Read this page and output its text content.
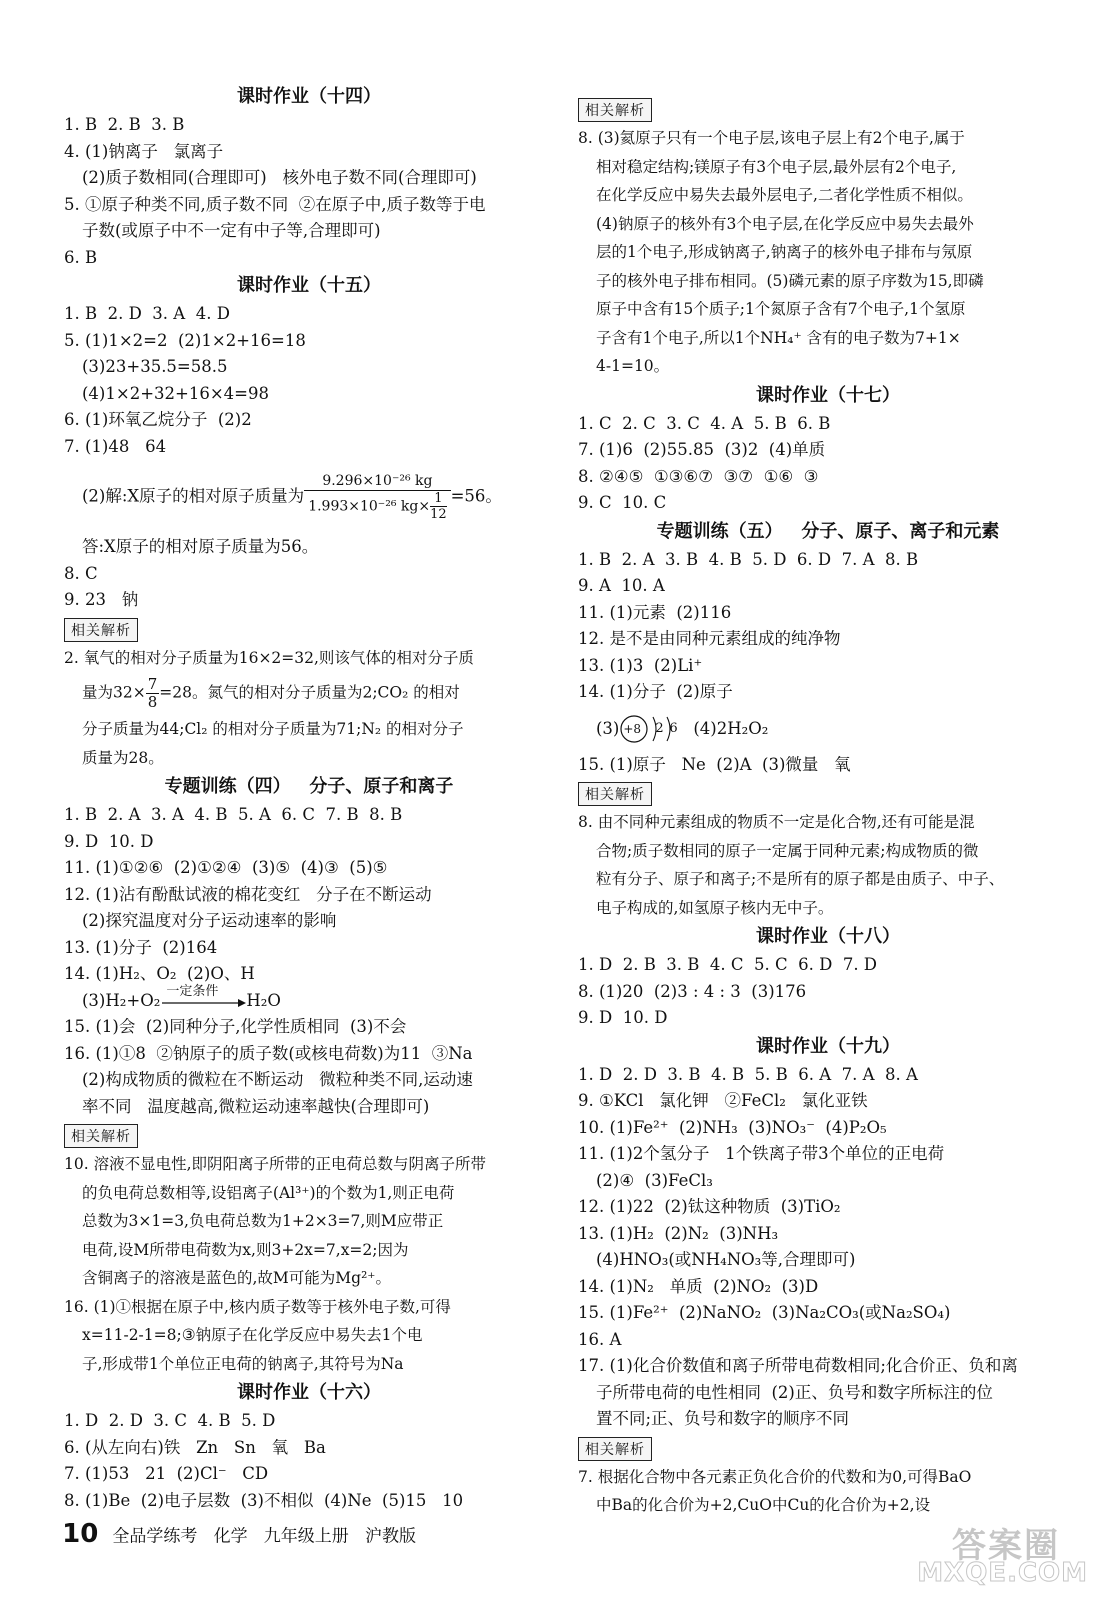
课时作业（十四）

1. B  2. B  3. B

4. (1)钠离子   氯离子

(2)质子数相同(合理即可)   核外电子数不同(合理即可)

5. ①原子种类不同,质子数不同  ②在原子中,质子数等于电

子数(或原子中不一定有中子等,合理即可)

6. B

课时作业（十五）

1. B  2. D  3. A  4. D

5. (1)1×2=2  (2)1×2+16=18

(3)23+35.5=58.5

(4)1×2+32+16×4=98

6. (1)环氧乙烷分子  (2)2

7. (1)48   64

(2)解:X原子的相对原子质量为 $\frac{\text{9.296×10⁻²⁶ kg}}{1.993\times 10^{-26} kg\times \frac{1}{12}} =56$。

答:X原子的相对原子质量为56。

8. C

9. 23   钠

相关解析

2. 氧气的相对分子质量为16×2=32,则该气体的相对分子质

量为$32\times \frac{7}{8} =28$。氮气的相对分子质量为2;CO₂ 的相对

分子质量为44;Cl₂ 的相对分子质量为71;N₂ 的相对分子

质量为28。

专题训练（四）   分子、原子和离子

1. B  2. A  3. A  4. B  5. A  6. C  7. B  8. B

9. D  10. D

11. (1)①②⑥  (2)①②④  (3)⑤  (4)③  (5)⑤

12. (1)沾有酚酞试液的棉花变红   分子在不断运动

(2)探究温度对分子运动速率的影响

13. (1)分子  (2)164

14. (1)H₂、O₂  (2)O、H

(3)H₂+O₂ 一定条件 H₂O

15. (1)会  (2)同种分子,化学性质相同  (3)不会

16. (1)①8  ②钠原子的质子数(或核电荷数)为11  ③Na

(2)构成物质的微粒在不断运动   微粒种类不同,运动速

率不同   温度越高,微粒运动速率越快(合理即可)

相关解析

10. 溶液不显电性,即阴阳离子所带的正电荷总数与阴离子所带

的负电荷总数相等,设铝离子(Al³⁺)的个数为1,则正电荷

总数为3×1=3,负电荷总数为1+2×3=7,则M应带正

电荷,设M所带电荷数为x,则3+2x=7,x=2;因为

含铜离子的溶液是蓝色的,故M可能为Mg²⁺。

16. (1)①根据在原子中,核内质子数等于核外电子数,可得

x=11-2-1=8;③钠原子在化学反应中易失去1个电

子,形成带1个单位正电荷的钠离子,其符号为Na

课时作业（十六）

1. D  2. D  3. C  4. B  5. D

6. (从左向右)铁   Zn   Sn   氧   Ba

7. (1)53   21  (2)Cl⁻   CD

8. (1)Be  (2)电子层数  (3)不相似  (4)Ne  (5)15   10

相关解析

8. (3)氦原子只有一个电子层,该电子层上有2个电子,属于

相对稳定结构;镁原子有3个电子层,最外层有2个电子,

在化学反应中易失去最外层电子,二者化学性质不相似。

(4)钠原子的核外有3个电子层,在化学反应中易失去最外

层的1个电子,形成钠离子,钠离子的核外电子排布与氖原

子的核外电子排布相同。(5)磷元素的原子序数为15,即磷

原子中含有15个质子;1个氮原子含有7个电子,1个氢原

子含有1个电子,所以1个NH₄⁺ 含有的电子数为7+1×

4-1=10。

课时作业（十七）

1. C  2. C  3. C  4. A  5. B  6. B

7. (1)6  (2)55.85  (3)2  (4)单质

8. ②④⑤  ①③⑥⑦  ③⑦  ①⑥  ③

9. C  10. C

专题训练（五）   分子、原子、离子和元素

1. B  2. A  3. B  4. B  5. D  6. D  7. A  8. B

9. A  10. A

11. (1)元素  (2)116

12. 是不是由同种元素组成的纯净物

13. (1)3  (2)Li⁺

14. (1)分子  (2)原子

(3) +8 2 6 (4)2H₂O₂

15. (1)原子   Ne  (2)A  (3)微量   氧

相关解析

8. 由不同种元素组成的物质不一定是化合物,还有可能是混

合物;质子数相同的原子一定属于同种元素;构成物质的微

粒有分子、原子和离子;不是所有的原子都是由质子、中子、

电子构成的,如氢原子核内无中子。

课时作业（十八）

1. D  2. B  3. B  4. C  5. C  6. D  7. D

8. (1)20  (2)3 : 4 : 3  (3)176

9. D  10. D

课时作业（十九）

1. D  2. D  3. B  4. B  5. B  6. A  7. A  8. A

9. ①KCl   氯化钾   ②FeCl₂   氯化亚铁

10. (1)Fe²⁺  (2)NH₃  (3)NO₃⁻  (4)P₂O₅

11. (1)2个氢分子   1个铁离子带3个单位的正电荷

(2)④  (3)FeCl₃

12. (1)22  (2)钛这种物质  (3)TiO₂

13. (1)H₂  (2)N₂  (3)NH₃

(4)HNO₃(或NH₄NO₃等,合理即可)

14. (1)N₂   单质  (2)NO₂  (3)D

15. (1)Fe²⁺  (2)NaNO₂  (3)Na₂CO₃(或Na₂SO₄)

16. A

17. (1)化合价数值和离子所带电荷数相同;化合价正、负和离

子所带电荷的电性相同  (2)正、负号和数字所标注的位

置不同;正、负号和数字的顺序不同

相关解析

7. 根据化合物中各元素正负化合价的代数和为0,可得BaO

中Ba的化合价为+2,CuO中Cu的化合价为+2,设

10 全品学练考   化学   九年级上册   沪教版	答案圈
MXQE.COM
